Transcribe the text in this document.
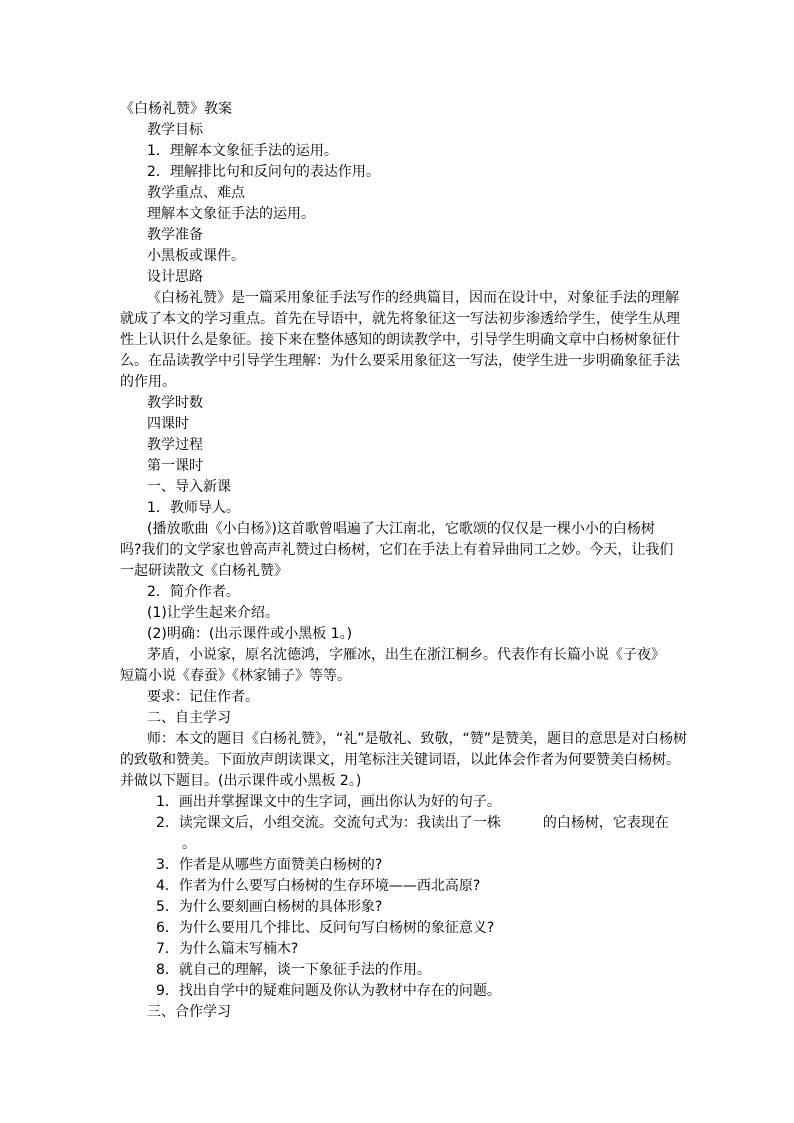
《白杨礼赞》教案
教学目标
1．理解本文象征手法的运用。
2．理解排比句和反问句的表达作用。
教学重点、难点
理解本文象征手法的运用。
教学准备
小黑板或课件。
设计思路
《白杨礼赞》是一篇采用象征手法写作的经典篇目，因而在设计中，对象征手法的理解
就成了本文的学习重点。首先在导语中，就先将象征这一写法初步渗透给学生，使学生从理
性上认识什么是象征。接下来在整体感知的朗读教学中，引导学生明确文章中白杨树象征什
么。在品读教学中引导学生理解：为什么要采用象征这一写法，使学生进一步明确象征手法
的作用。
教学时数
四课时
教学过程
第一课时
一、导入新课
1．教师导人。
(播放歌曲《小白杨》)这首歌曾唱遍了大江南北，它歌颂的仅仅是一棵小小的白杨树
吗?我们的文学家也曾高声礼赞过白杨树，它们在手法上有着异曲同工之妙。今天，让我们
一起研读散文《白杨礼赞》
2．简介作者。
(1)让学生起来介绍。
(2)明确：(出示课件或小黑板 1。)
茅盾，小说家，原名沈德鸿，字雁冰，出生在浙江桐乡。代表作有长篇小说《子夜》
短篇小说《春蚕》《林家铺子》等等。
要求：记住作者。
二、自主学习
师：本文的题目《白杨礼赞》，“礼”是敬礼、致敬，“赞”是赞美，题目的意思是对白杨树
的致敬和赞美。下面放声朗读课文，用笔标注关键词语，以此体会作者为何要赞美白杨树。
并做以下题目。(出示课件或小黑板 2。)
1．画出并掌握课文中的生字词，画出你认为好的句子。
2．读完课文后，小组交流。交流句式为：我读出了一株　　　的白杨树，它表现在
　　　。
3．作者是从哪些方面赞美白杨树的?
4．作者为什么要写白杨树的生存环境——西北高原?
5．为什么要刻画白杨树的具体形象?
6．为什么要用几个排比、反问句写白杨树的象征意义?
7．为什么篇末写楠木?
8．就自己的理解，谈一下象征手法的作用。
9．找出自学中的疑难问题及你认为教材中存在的问题。
三、合作学习
